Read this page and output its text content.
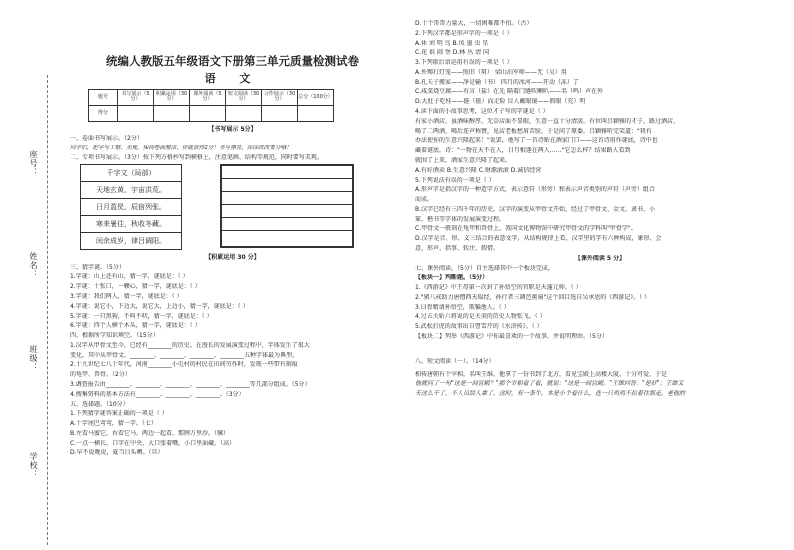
座号：
姓名：
班级：
学校：
统编人教版五年级语文下册第三单元质量检测试卷
语 文
题号	书写展示（5分）	积累运用（30分）	课外阅读（5分）	短文阅读（30分）	习作展示（30分）	总分（100分）
得分						
【书写展示 5分】
一、卷面书写展示。（2分）
同学们，把字写工整、美观，保持卷面整洁，你就获得2分！书写漂亮，涂涂改改要分哦！
二、专项书写展示。（3分）按下列方格抄写到横格上，注意笔画、结构等规范，同时要写美观。
千字文（局部）
天地玄黄，宇宙洪荒。
日月盈昃，辰宿列张。
寒来暑往，秋收冬藏。
闰余成岁，律吕调阳。
【积累运用 30 分】
三、猜字谜。（5分）
1.字谜：山上还有山，猜一字，谜底是：（ ）
2.字谜：十张口，一颗心，猜一字，谜底是：（ ）
3.字谜：我们两人，猜一字，谜底是：（ ）
4.字谜：说它小，下边大，说它大，上边小，猜一字，谜底是：（ ）
5.字谜：一只黑狗，不叫不吠，猜一字，谜底是：（ ）
6.字谜：四个人横个木头，猜一字，谜底是：（ ）
四、根据所学知识填空。（15分）
1.汉字从甲骨文至今，已经有________的历史。在漫长的发展演变过程中，字体发生了很大
变化，其中从甲骨文、________、________、________、________五种字体最为典型。
2.十九世纪七八十年代，河南________小屯村的村民在田间劳作时，发现一些带有刻痕
的龟甲、兽骨。（2分）
3.调查报告由________、________、________、________、________等几部分组成。（5分）
4.搜集资料的基本方法有________、________、________。（3分）
五、选择题。（10分）
1.下列猜字谜答案正确的一项是（ ）
A.十字尾巴弯弯，猜一字。（七）
B.左看马蜜它，右看它马，两边一起看，那牌万里沙。（骡）
C.一点一横长，口字在中央，大口张着嘴，小口里面藏。（高）
D.早不说晚说，夏当日头晒。（旦）
D.十个哥哥力量大，一切困难都不怕。（古）
2.下列汉字都是形声字的一项是（ ）
A.休 刘 明 鸟 B.凤 墨 虫 星
C.花 供 闹 堡 D.林 丛 清 国
3.下列歇后语运用有误的一项是（ ）
A.外甥打灯笼——照旧（舅） 梁山泊军师——无（吴）用
B.孔夫子搬家——净是输（书） 四月的冰河——开动（冻）了
C.咸菜烧豆腐——有言（盐）在先 隔着门缝吹喇叭——名（鸣）声在外
D.大肚子吃桂——挺（挺）而走险 盲人戴眼镜——假眼（充）明
4.读下面的小故事思考，这位才子写的字谜是（ ）
有家小酒店，虽酒味醇厚，无奈店面不显眼，生意一直十分清淡。有位叫吕颖雅的才子，路过酒店，
喝了二两酒，喝后连声称赞，见店老板愁眉苦脸，于是问了原委。吕颖雅听完笑道："我有
办法使你的生意兴隆起来！"说罢，他写了一首诗贴在酒家门口——这首诗用作谜底，诗中也
藏着谜底。诗："一物在天不在人，日月相逢在两人……"它怎么样？结果路人看到
就围了上来，酒家生意兴隆了起来。
A.有好酒卖 B.生意兴隆 C.财源滚滚 D.诚信经营
5.下列说法有误的一项是（ ）
A.形声字是指汉字的一种造字方式，表示意符（形旁）和表示声音类别的声符（声旁）组合
而成。
B.汉字已经有三四千年的历史，汉字的演变从甲骨文开始，经过了甲骨文、金文、隶书、小
篆、楷书等字体的发展演变过程。
C.甲骨文一般刻在龟甲和兽骨上，我国文化博物馆中研究甲骨文的学科叫"甲骨学"。
D.汉字是音、形、义三结合的表意文字，从结构规律上看，汉字里的字有六种构成，象形、会
意、形声、指事、转注、假借。
【课外阅读 5 分】
七、课外阅读。（5分）自主选择其中一个板块完成。
【板块一】判断题。（5分）
1.《西游记》中王母第一次封了孙悟空的官职是天蓬元帅。（ ）
2."猪八戒助力唐僧西天取经，孙行者三调芭蕉扇"这个回目选自吴承恩的《西游记》。（ ）
3.曰骨精请孙悟空，欺骗他人。（ ）
4.过五关斩六将说的是关羽的历史人物张飞。（ ）
5.武松打虎的故事出自曹雪芹的《水浒传》。（ ）
【板块二】列举《西游记》中你最喜欢的一个故事，并说明理由。（5分）
八、短文阅读（一）。（14分）
相传唐朝有个宰相，名叫王维。他拿了一份书到了北方，看见宝殿上高楼大厦，十分可爱，于是
他就问了一句"这是一间宫殿？"那个宰相看了看，就说："这是一间宫殿。"王维回答："是好"；王维又
天这么干了，不人员给人拿了。这时，有一条牛，本是小个看什么，连一只鸡鸡不拉着往那走，老他的
